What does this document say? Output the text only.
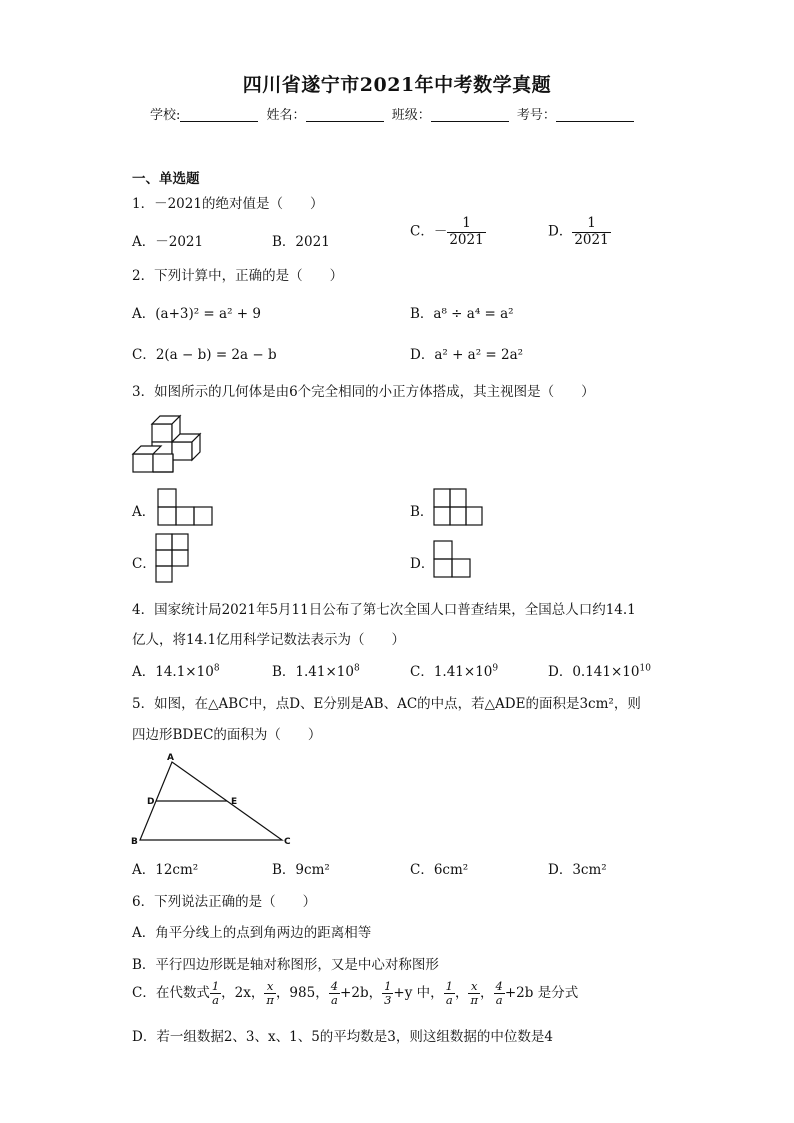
四川省遂宁市2021年中考数学真题
学校:	姓名：	班级：	考号：
一、单选题
1．－2021的绝对值是（　　）
A．－2021	B．2021
C．－ $\frac{1}{2021}$	D． $\frac{1}{2021}$
2．下列计算中，正确的是（　　）
A．(a+3)² = a² + 9	B．a⁸ ÷ a⁴ = a²
C．2(a − b) = 2a − b	D．a² + a² = 2a²
3．如图所示的几何体是由6个完全相同的小正方体搭成，其主视图是（　　）
A．	B．
C．	D．
4．国家统计局2021年5月11日公布了第七次全国人口普查结果，全国总人口约14.1
亿人，将14.1亿用科学记数法表示为（　　）
A．$14.1\times 10^8$	B．$1.41\times 10^8$	C．$1.41\times 10^9$	D．$0.141\times 10^{10}$
5．如图，在△ABC中，点D、E分别是AB、AC的中点，若△ADE的面积是3cm²，则
四边形BDEC的面积为（　　）
A
B	C
D	E
A．12cm²	B．9cm²	C．6cm²	D．3cm²
6．下列说法正确的是（　　）
A．角平分线上的点到角两边的距离相等
B．平行四边形既是轴对称图形，又是中心对称图形
C．在代数式 $\frac{1}{a}$ ，2x， $\frac{x}{\pi}$ ，985， $\frac{4}{a} +2b$， $\frac{1}{3} +y$ 中， $\frac{1}{a}$ ， $\frac{x}{\pi}$ ， $\frac{4}{a} +2b$ 是分式
D．若一组数据2、3、x、1、5的平均数是3，则这组数据的中位数是4
